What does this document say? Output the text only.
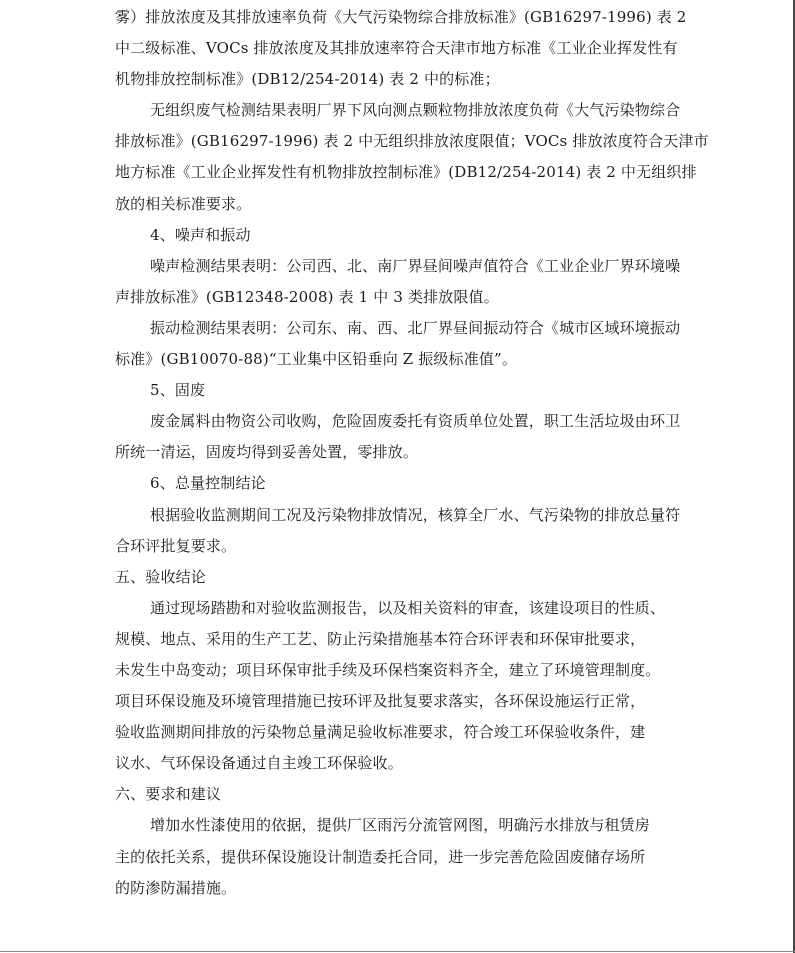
雾）排放浓度及其排放速率负荷《大气污染物综合排放标准》(GB16297-1996) 表 2
中二级标准、VOCs 排放浓度及其排放速率符合天津市地方标准《工业企业挥发性有
机物排放控制标准》(DB12/254-2014) 表 2 中的标准；
无组织废气检测结果表明厂界下风向测点颗粒物排放浓度负荷《大气污染物综合
排放标准》(GB16297-1996) 表 2 中无组织排放浓度限值；VOCs 排放浓度符合天津市
地方标准《工业企业挥发性有机物排放控制标准》(DB12/254-2014) 表 2 中无组织排
放的相关标准要求。
4、噪声和振动
噪声检测结果表明：公司西、北、南厂界昼间噪声值符合《工业企业厂界环境噪
声排放标准》(GB12348-2008) 表 1 中 3 类排放限值。
振动检测结果表明：公司东、南、西、北厂界昼间振动符合《城市区域环境振动
标准》(GB10070-88)“工业集中区铅垂向 Z 振级标准值”。
5、固废
废金属料由物资公司收购，危险固废委托有资质单位处置，职工生活垃圾由环卫
所统一清运，固废均得到妥善处置，零排放。
6、总量控制结论
根据验收监测期间工况及污染物排放情况，核算全厂水、气污染物的排放总量符
合环评批复要求。
五、验收结论
通过现场踏勘和对验收监测报告，以及相关资料的审查，该建设项目的性质、
规模、地点、采用的生产工艺、防止污染措施基本符合环评表和环保审批要求，
未发生中岛变动；项目环保审批手续及环保档案资料齐全，建立了环境管理制度。
项目环保设施及环境管理措施已按环评及批复要求落实，各环保设施运行正常，
验收监测期间排放的污染物总量满足验收标准要求，符合竣工环保验收条件，建
议水、气环保设备通过自主竣工环保验收。
六、要求和建议
增加水性漆使用的依据，提供厂区雨污分流管网图，明确污水排放与租赁房
主的依托关系，提供环保设施设计制造委托合同，进一步完善危险固废储存场所
的防渗防漏措施。
